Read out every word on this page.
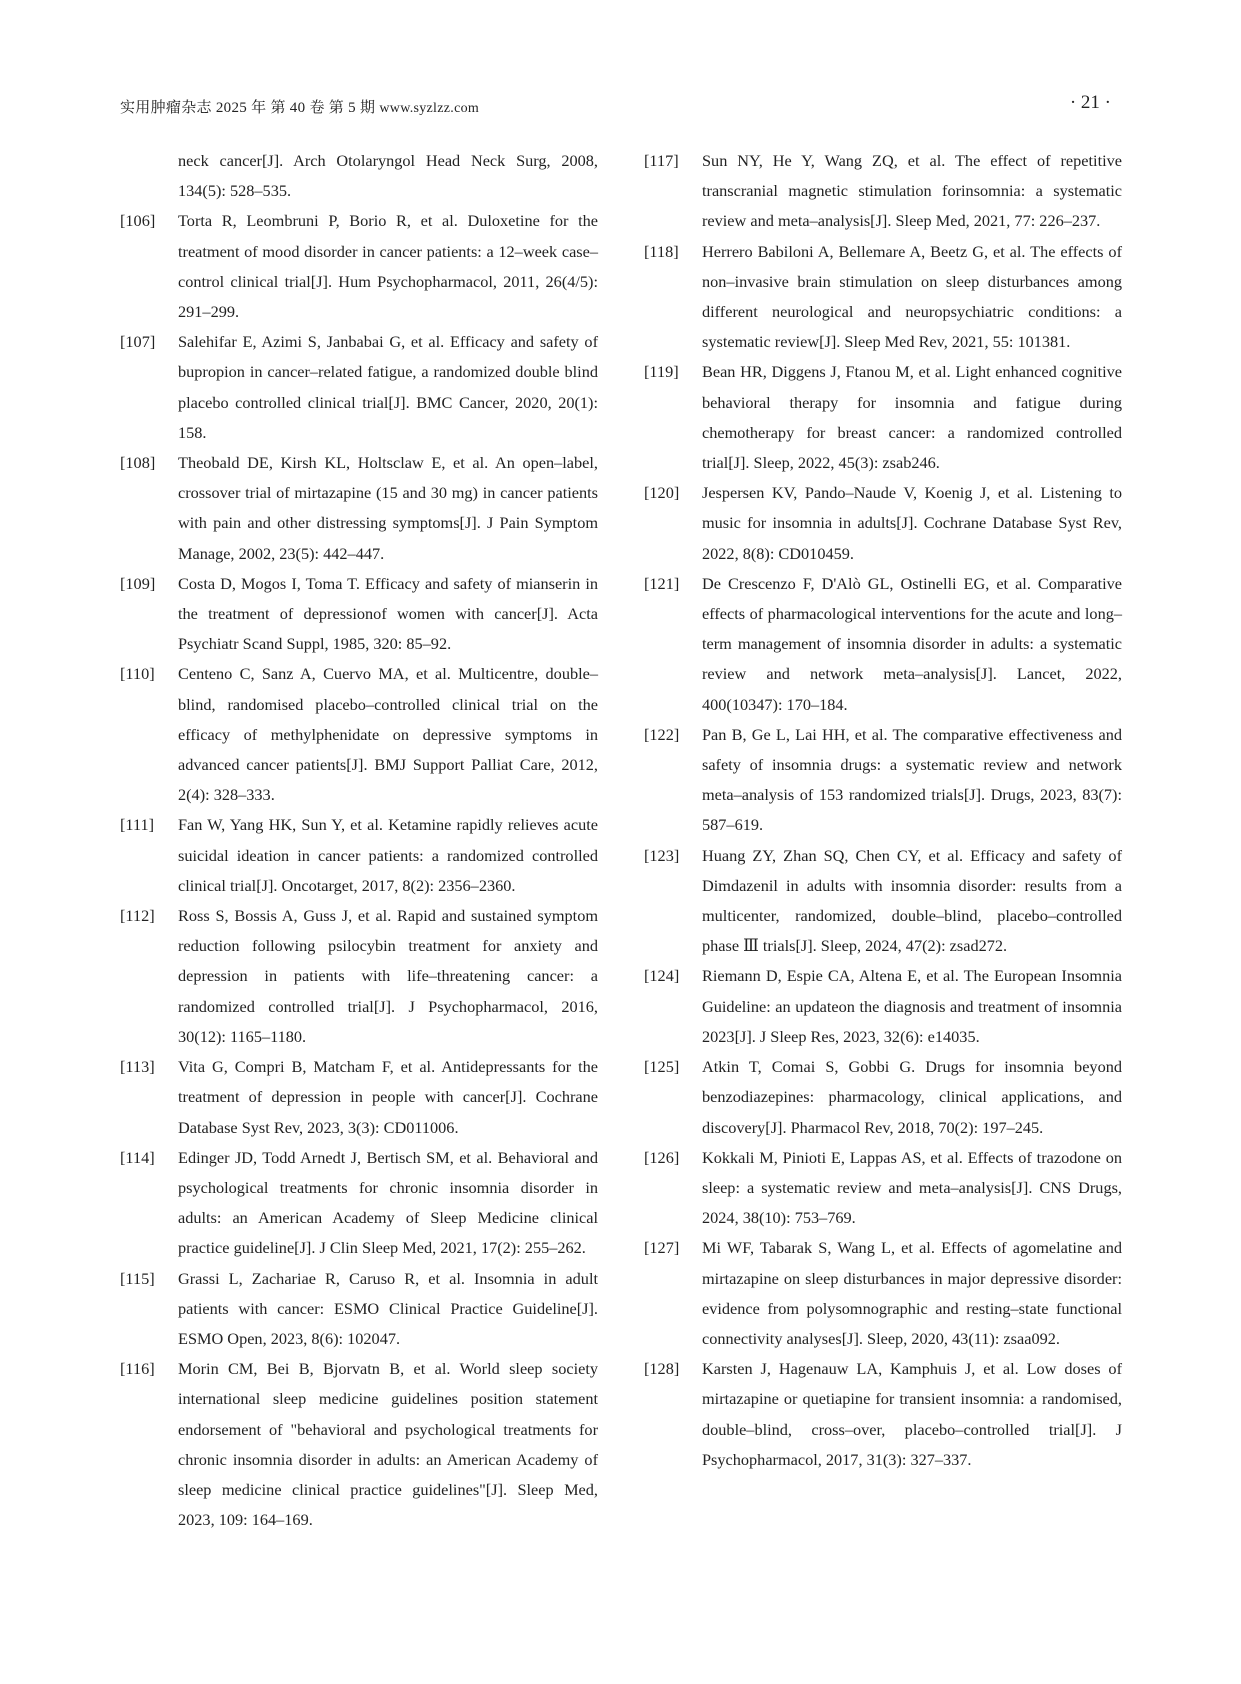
实用肿瘤杂志 2025 年 第 40 卷 第 5 期 www.syzlzz.com	· 21 ·
neck cancer[J]. Arch Otolaryngol Head Neck Surg, 2008, 134(5): 528–535.
[106]	Torta R, Leombruni P, Borio R, et al. Duloxetine for the treatment of mood disorder in cancer patients: a 12–week case–control clinical trial[J]. Hum Psychopharmacol, 2011, 26(4/5): 291–299.
[107]	Salehifar E, Azimi S, Janbabai G, et al. Efficacy and safety of bupropion in cancer–related fatigue, a randomized double blind placebo controlled clinical trial[J]. BMC Cancer, 2020, 20(1): 158.
[108]	Theobald DE, Kirsh KL, Holtsclaw E, et al. An open–label, crossover trial of mirtazapine (15 and 30 mg) in cancer patients with pain and other distressing symptoms[J]. J Pain Symptom Manage, 2002, 23(5): 442–447.
[109]	Costa D, Mogos I, Toma T. Efficacy and safety of mianserin in the treatment of depressionof women with cancer[J]. Acta Psychiatr Scand Suppl, 1985, 320: 85–92.
[110]	Centeno C, Sanz A, Cuervo MA, et al. Multicentre, double–blind, randomised placebo–controlled clinical trial on the efficacy of methylphenidate on depressive symptoms in advanced cancer patients[J]. BMJ Support Palliat Care, 2012, 2(4): 328–333.
[111]	Fan W, Yang HK, Sun Y, et al. Ketamine rapidly relieves acute suicidal ideation in cancer patients: a randomized controlled clinical trial[J]. Oncotarget, 2017, 8(2): 2356–2360.
[112]	Ross S, Bossis A, Guss J, et al. Rapid and sustained symptom reduction following psilocybin treatment for anxiety and depression in patients with life–threatening cancer: a randomized controlled trial[J]. J Psychopharmacol, 2016, 30(12): 1165–1180.
[113]	Vita G, Compri B, Matcham F, et al. Antidepressants for the treatment of depression in people with cancer[J]. Cochrane Database Syst Rev, 2023, 3(3): CD011006.
[114]	Edinger JD, Todd Arnedt J, Bertisch SM, et al. Behavioral and psychological treatments for chronic insomnia disorder in adults: an American Academy of Sleep Medicine clinical practice guideline[J]. J Clin Sleep Med, 2021, 17(2): 255–262.
[115]	Grassi L, Zachariae R, Caruso R, et al. Insomnia in adult patients with cancer: ESMO Clinical Practice Guideline[J]. ESMO Open, 2023, 8(6): 102047.
[116]	Morin CM, Bei B, Bjorvatn B, et al. World sleep society international sleep medicine guidelines position statement endorsement of "behavioral and psychological treatments for chronic insomnia disorder in adults: an American Academy of sleep medicine clinical practice guidelines"[J]. Sleep Med, 2023, 109: 164–169.
[117]	Sun NY, He Y, Wang ZQ, et al. The effect of repetitive transcranial magnetic stimulation forinsomnia: a systematic review and meta–analysis[J]. Sleep Med, 2021, 77: 226–237.
[118]	Herrero Babiloni A, Bellemare A, Beetz G, et al. The effects of non–invasive brain stimulation on sleep disturbances among different neurological and neuropsychiatric conditions: a systematic review[J]. Sleep Med Rev, 2021, 55: 101381.
[119]	Bean HR, Diggens J, Ftanou M, et al. Light enhanced cognitive behavioral therapy for insomnia and fatigue during chemotherapy for breast cancer: a randomized controlled trial[J]. Sleep, 2022, 45(3): zsab246.
[120]	Jespersen KV, Pando–Naude V, Koenig J, et al. Listening to music for insomnia in adults[J]. Cochrane Database Syst Rev, 2022, 8(8): CD010459.
[121]	De Crescenzo F, D'Alò GL, Ostinelli EG, et al. Comparative effects of pharmacological interventions for the acute and long–term management of insomnia disorder in adults: a systematic review and network meta–analysis[J]. Lancet, 2022, 400(10347): 170–184.
[122]	Pan B, Ge L, Lai HH, et al. The comparative effectiveness and safety of insomnia drugs: a systematic review and network meta–analysis of 153 randomized trials[J]. Drugs, 2023, 83(7): 587–619.
[123]	Huang ZY, Zhan SQ, Chen CY, et al. Efficacy and safety of Dimdazenil in adults with insomnia disorder: results from a multicenter, randomized, double–blind, placebo–controlled phase Ⅲ trials[J]. Sleep, 2024, 47(2): zsad272.
[124]	Riemann D, Espie CA, Altena E, et al. The European Insomnia Guideline: an updateon the diagnosis and treatment of insomnia 2023[J]. J Sleep Res, 2023, 32(6): e14035.
[125]	Atkin T, Comai S, Gobbi G. Drugs for insomnia beyond benzodiazepines: pharmacology, clinical applications, and discovery[J]. Pharmacol Rev, 2018, 70(2): 197–245.
[126]	Kokkali M, Pinioti E, Lappas AS, et al. Effects of trazodone on sleep: a systematic review and meta–analysis[J]. CNS Drugs, 2024, 38(10): 753–769.
[127]	Mi WF, Tabarak S, Wang L, et al. Effects of agomelatine and mirtazapine on sleep disturbances in major depressive disorder: evidence from polysomnographic and resting–state functional connectivity analyses[J]. Sleep, 2020, 43(11): zsaa092.
[128]	Karsten J, Hagenauw LA, Kamphuis J, et al. Low doses of mirtazapine or quetiapine for transient insomnia: a randomised, double–blind, cross–over, placebo–controlled trial[J]. J Psychopharmacol, 2017, 31(3): 327–337.
